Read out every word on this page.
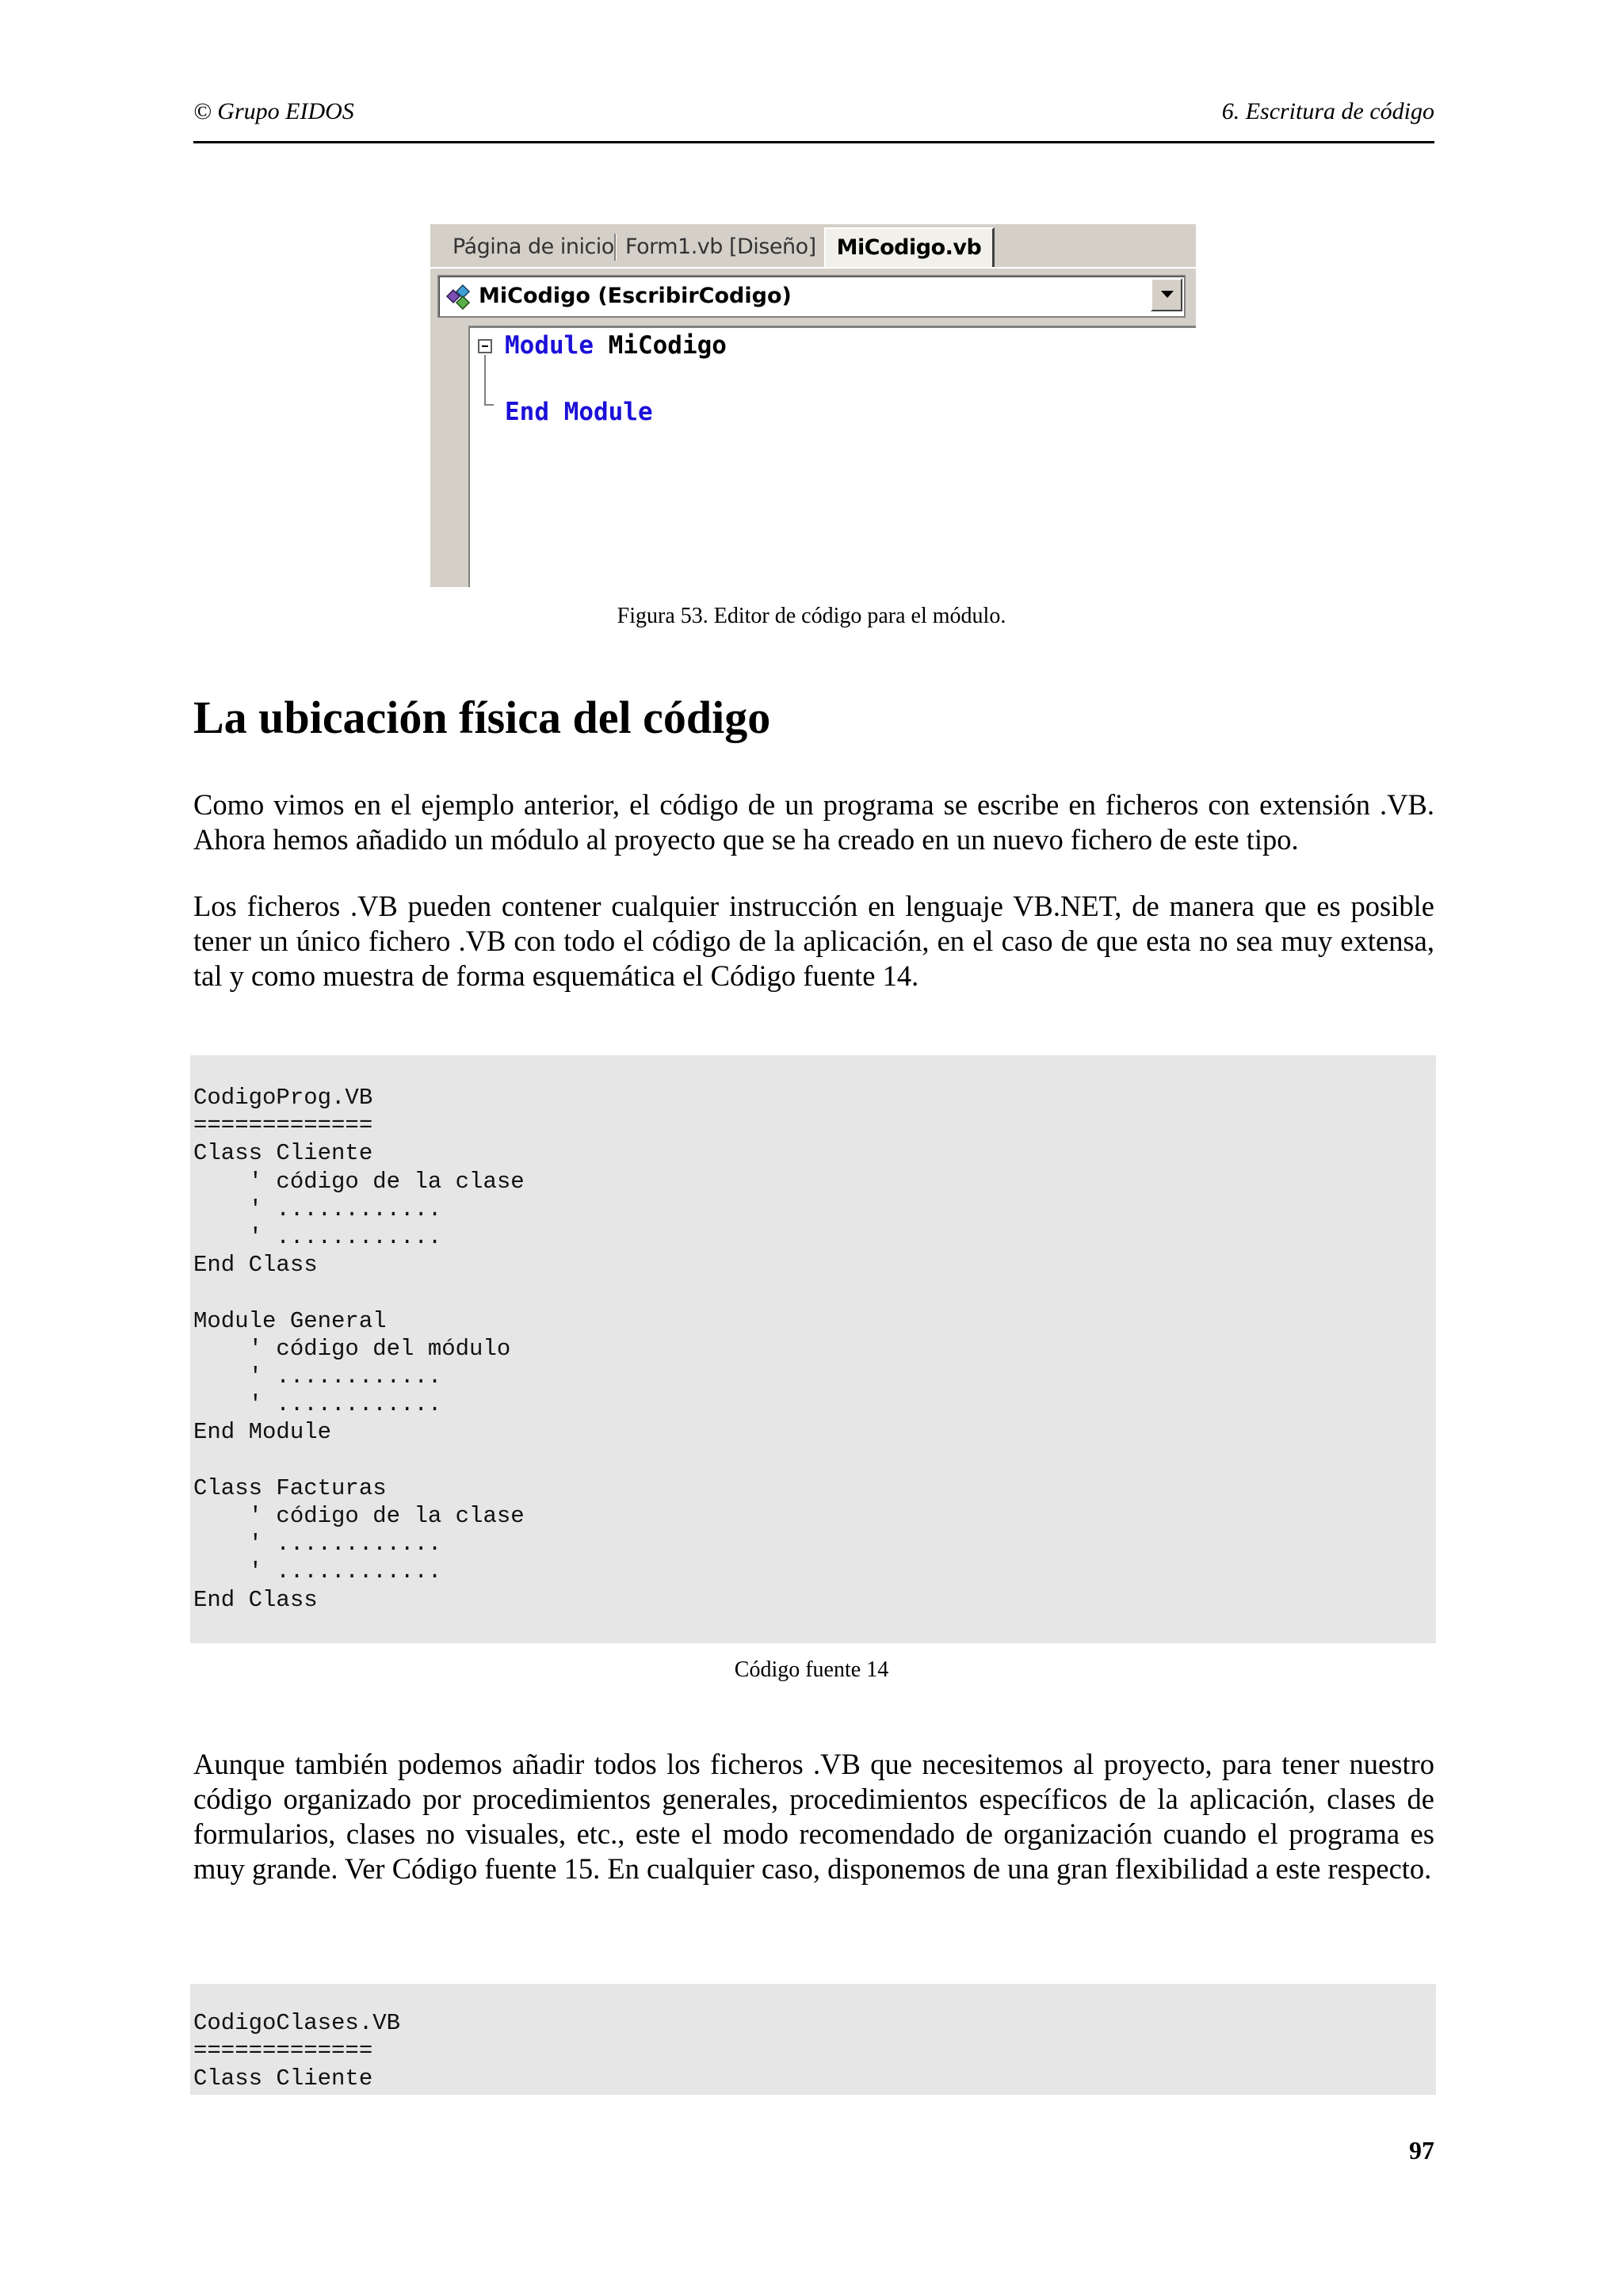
© Grupo EIDOS	6. Escritura de código
Página de inicio Form1.vb [Diseño] MiCodigo.vb
MiCodigo (EscribirCodigo)
Module MiCodigo
End Module
Figura 53. Editor de código para el módulo.
La ubicación física del código

Como vimos en el ejemplo anterior, el código de un programa se escribe en ficheros con extensión .VB. Ahora hemos añadido un módulo al proyecto que se ha creado en un nuevo fichero de este tipo.

Los ficheros .VB pueden contener cualquier instrucción en lenguaje VB.NET, de manera que es posible tener un único fichero .VB con todo el código de la aplicación, en el caso de que esta no sea muy extensa, tal y como muestra de forma esquemática el Código fuente 14.

CodigoProg.VB
=============
Class Cliente
' código de la clase
' ............
' ............
End Class

Module General
' código del módulo
' ............
' ............
End Module

Class Facturas
' código de la clase
' ............
' ............
End Class
Código fuente 14

Aunque también podemos añadir todos los ficheros .VB que necesitemos al proyecto, para tener nuestro código organizado por procedimientos generales, procedimientos específicos de la aplicación, clases de formularios, clases no visuales, etc., este el modo recomendado de organización cuando el programa es muy grande. Ver Código fuente 15. En cualquier caso, disponemos de una gran flexibilidad a este respecto.

CodigoClases.VB
=============
Class Cliente
97
